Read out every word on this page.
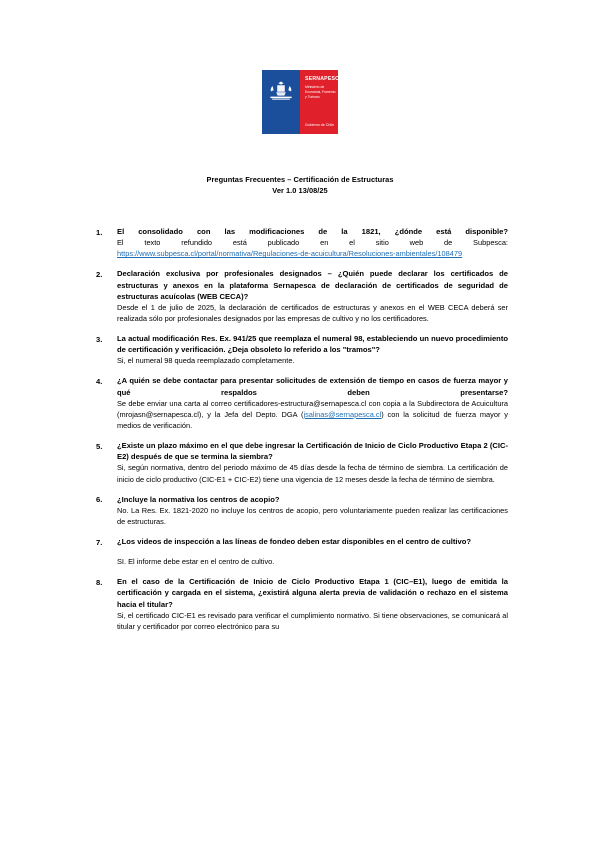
SERNAPESCA
Ministerio de Economía, Fomento y Turismo
Gobierno de Chile
Preguntas Frecuentes – Certificación de Estructuras
Ver 1.0 13/08/25
1.	El consolidado con las modificaciones de la 1821, ¿dónde está disponible?

El texto refundido está publicado en el sitio web de Subpesca:

https://www.subpesca.cl/portal/normativa/Regulaciones-de-acuicultura/Resoluciones-ambientales/108479

2.	Declaración exclusiva por profesionales designados – ¿Quién puede declarar los certificados de estructuras y anexos en la plataforma Sernapesca de declaración de certificados de seguridad de estructuras acuícolas (WEB CECA)?

Desde el 1 de julio de 2025, la declaración de certificados de estructuras y anexos en el WEB CECA deberá ser realizada sólo por profesionales designados por las empresas de cultivo y no los certificadores.

3.	La actual modificación Res. Ex. 941/25 que reemplaza el numeral 98, estableciendo un nuevo procedimiento de certificación y verificación. ¿Deja obsoleto lo referido a los "tramos"?

Si, el numeral 98 queda reemplazado completamente.

4.	¿A quién se debe contactar para presentar solicitudes de extensión de tiempo en casos de fuerza mayor y qué respaldos deben presentarse?

Se debe enviar una carta al correo certificadores-estructura@sernapesca.cl con copia a la Subdirectora de Acuicultura (mrojasn@sernapesca.cl), y la Jefa del Depto. DGA (jsalinas@sernapesca.cl) con la solicitud de fuerza mayor y medios de verificación.

5.	¿Existe un plazo máximo en el que debe ingresar la Certificación de Inicio de Ciclo Productivo Etapa 2 (CIC-E2) después de que se termina la siembra?

Si, según normativa, dentro del periodo máximo de 45 días desde la fecha de término de siembra. La certificación de inicio de ciclo productivo (CIC-E1 + CIC-E2) tiene una vigencia de 12 meses desde la fecha de término de siembra.

6.	¿Incluye la normativa los centros de acopio?

No. La Res. Ex. 1821-2020 no incluye los centros de acopio, pero voluntariamente pueden realizar las certificaciones de estructuras.

7.	¿Los videos de inspección a las líneas de fondeo deben estar disponibles en el centro de cultivo?

SI. El informe debe estar en el centro de cultivo.

8.	En el caso de la Certificación de Inicio de Ciclo Productivo Etapa 1 (CIC–E1), luego de emitida la certificación y cargada en el sistema, ¿existirá alguna alerta previa de validación o rechazo en el sistema hacia el titular?

Si, el certificado CIC-E1 es revisado para verificar el cumplimiento normativo. Si tiene observaciones, se comunicará al titular y certificador por correo electrónico para su
